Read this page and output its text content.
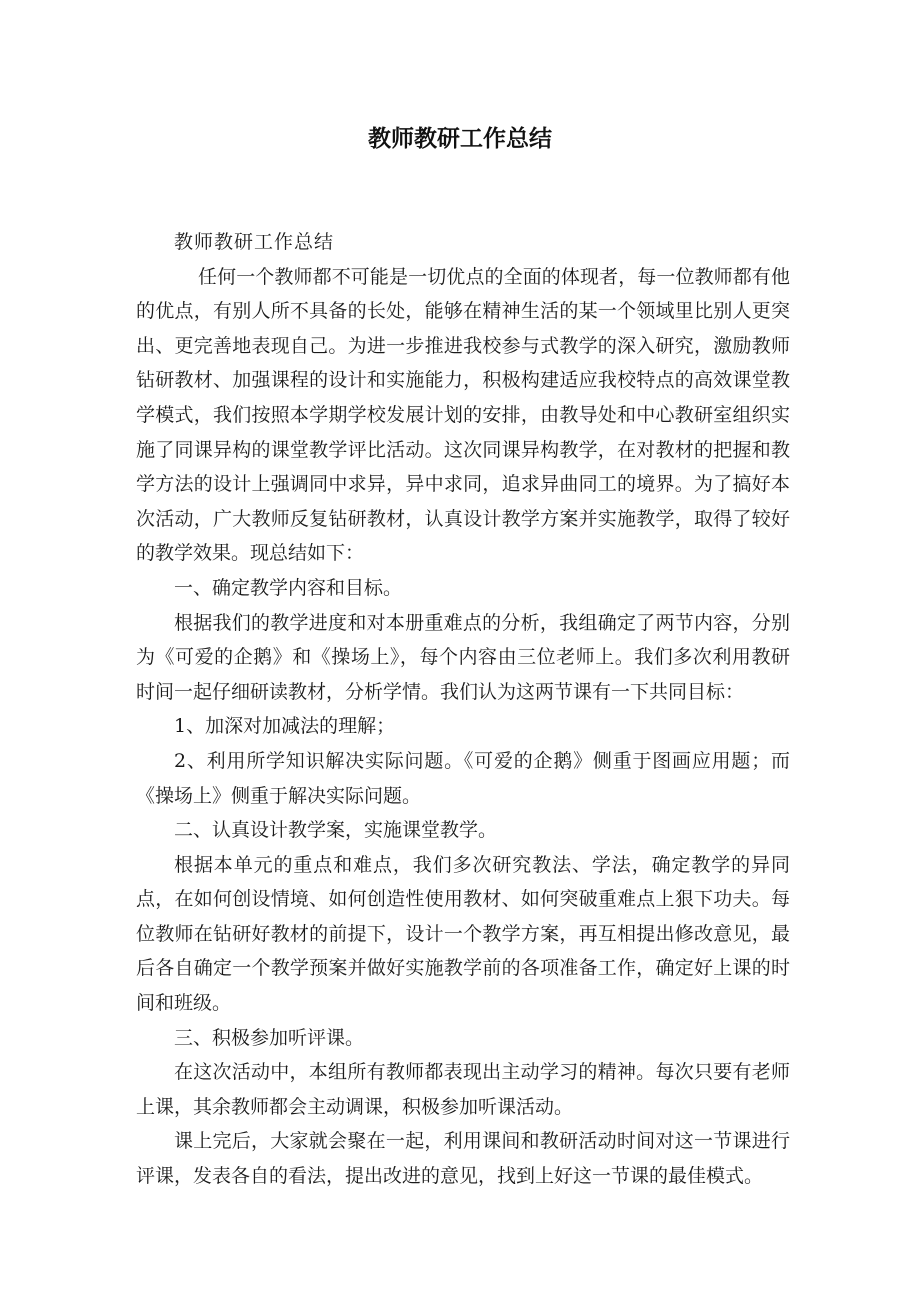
教师教研工作总结

教师教研工作总结

任何一个教师都不可能是一切优点的全面的体现者，每一位教师都有他的优点，有别人所不具备的长处，能够在精神生活的某一个领域里比别人更突出、更完善地表现自己。为进一步推进我校参与式教学的深入研究，激励教师钻研教材、加强课程的设计和实施能力，积极构建适应我校特点的高效课堂教学模式，我们按照本学期学校发展计划的安排，由教导处和中心教研室组织实施了同课异构的课堂教学评比活动。这次同课异构教学，在对教材的把握和教学方法的设计上强调同中求异，异中求同，追求异曲同工的境界。为了搞好本次活动，广大教师反复钻研教材，认真设计教学方案并实施教学，取得了较好的教学效果。现总结如下：

一、确定教学内容和目标。

根据我们的教学进度和对本册重难点的分析，我组确定了两节内容，分别为《可爱的企鹅》和《操场上》，每个内容由三位老师上。我们多次利用教研时间一起仔细研读教材，分析学情。我们认为这两节课有一下共同目标：

1、加深对加减法的理解；

2、利用所学知识解决实际问题。《可爱的企鹅》侧重于图画应用题；而《操场上》侧重于解决实际问题。

二、认真设计教学案，实施课堂教学。

根据本单元的重点和难点，我们多次研究教法、学法，确定教学的异同点，在如何创设情境、如何创造性使用教材、如何突破重难点上狠下功夫。每位教师在钻研好教材的前提下，设计一个教学方案，再互相提出修改意见，最后各自确定一个教学预案并做好实施教学前的各项准备工作，确定好上课的时间和班级。

三、积极参加听评课。

在这次活动中，本组所有教师都表现出主动学习的精神。每次只要有老师上课，其余教师都会主动调课，积极参加听课活动。

课上完后，大家就会聚在一起，利用课间和教研活动时间对这一节课进行评课，发表各自的看法，提出改进的意见，找到上好这一节课的最佳模式。
